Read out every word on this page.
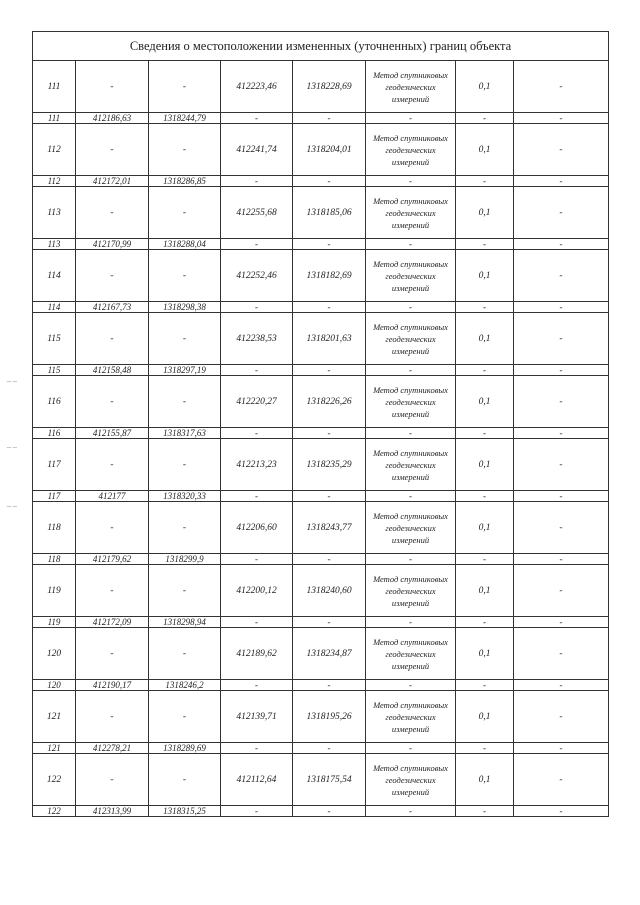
~~
~~
~~
Сведения о местоположении измененных (уточненных) границ объекта							
111	-	-	412223,46	1318228,69	Метод спутниковых геодезических измерений	0,1	-
111	412186,63	1318244,79	-	-	-	-	-
112	-	-	412241,74	1318204,01	Метод спутниковых геодезических измерений	0,1	-
112	412172,01	1318286,85	-	-	-	-	-
113	-	-	412255,68	1318185,06	Метод спутниковых геодезических измерений	0,1	-
113	412170,99	1318288,04	-	-	-	-	-
114	-	-	412252,46	1318182,69	Метод спутниковых геодезических измерений	0,1	-
114	412167,73	1318298,38	-	-	-	-	-
115	-	-	412238,53	1318201,63	Метод спутниковых геодезических измерений	0,1	-
115	412158,48	1318297,19	-	-	-	-	-
116	-	-	412220,27	1318226,26	Метод спутниковых геодезических измерений	0,1	-
116	412155,87	1318317,63	-	-	-	-	-
117	-	-	412213,23	1318235,29	Метод спутниковых геодезических измерений	0,1	-
117	412177	1318320,33	-	-	-	-	-
118	-	-	412206,60	1318243,77	Метод спутниковых геодезических измерений	0,1	-
118	412179,62	1318299,9	-	-	-	-	-
119	-	-	412200,12	1318240,60	Метод спутниковых геодезических измерений	0,1	-
119	412172,09	1318298,94	-	-	-	-	-
120	-	-	412189,62	1318234,87	Метод спутниковых геодезических измерений	0,1	-
120	412190,17	1318246,2	-	-	-	-	-
121	-	-	412139,71	1318195,26	Метод спутниковых геодезических измерений	0,1	-
121	412278,21	1318289,69	-	-	-	-	-
122	-	-	412112,64	1318175,54	Метод спутниковых геодезических измерений	0,1	-
122	412313,99	1318315,25	-	-	-	-	-
